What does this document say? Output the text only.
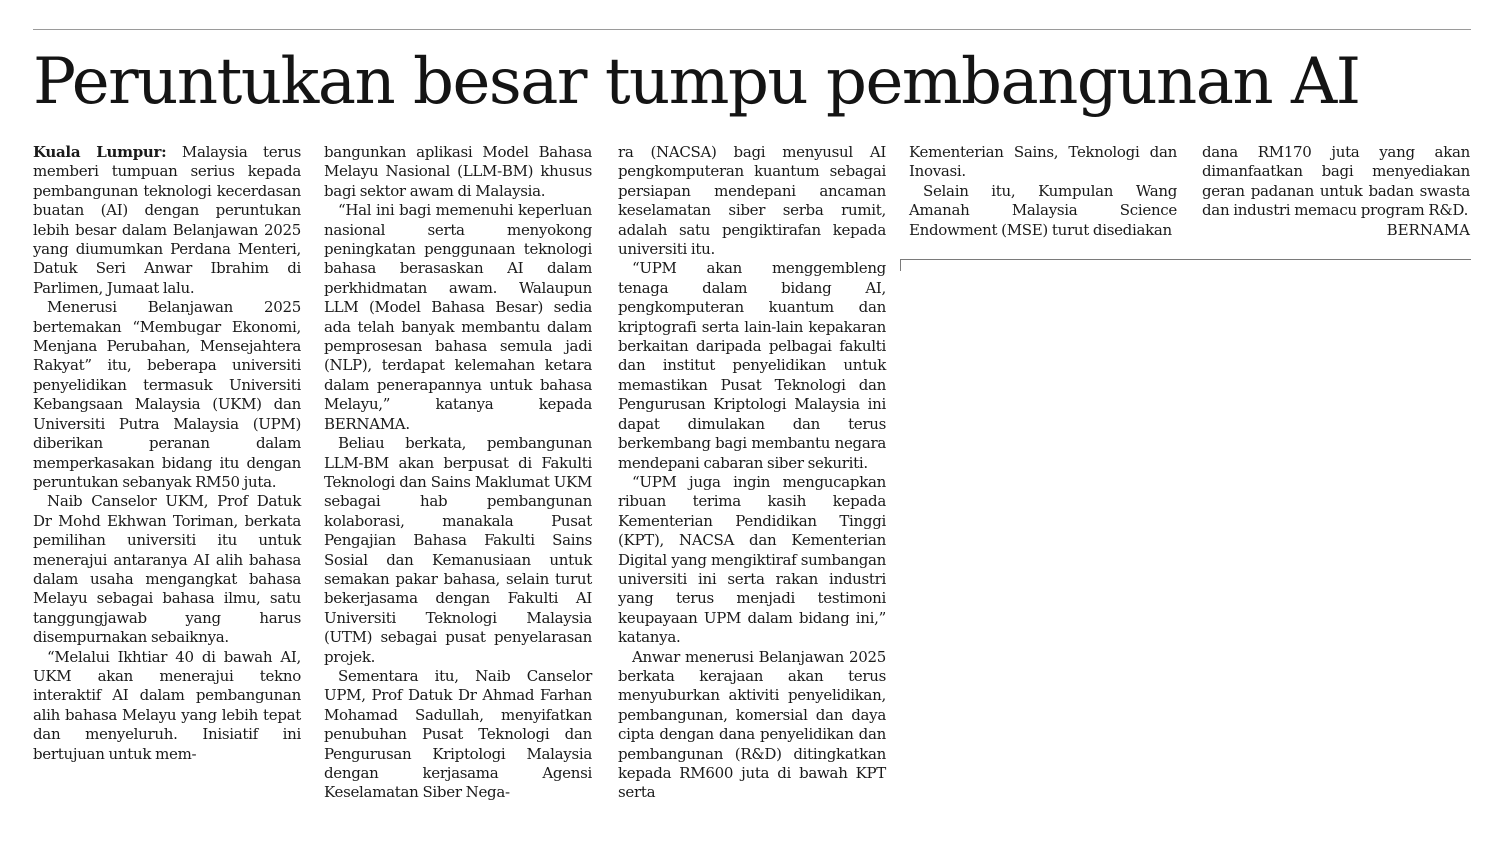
Peruntukan besar tumpu pembangunan AI

Kuala Lumpur: Malaysia terus memberi tumpuan serius kepada pembangunan teknologi kecerdasan buatan (AI) dengan peruntukan lebih besar dalam Belanjawan 2025 yang diumumkan Perdana Menteri, Datuk Seri Anwar Ibrahim di Parlimen, Jumaat lalu.

Menerusi Belanjawan 2025 bertemakan “Membugar Ekonomi, Menjana Perubahan, Mensejahtera Rakyat” itu, beberapa universiti penyelidikan termasuk Universiti Kebangsaan Malaysia (UKM) dan Universiti Putra Malaysia (UPM) diberikan peranan dalam memperkasakan bidang itu dengan peruntukan sebanyak RM50 juta.

Naib Canselor UKM, Prof Datuk Dr Mohd Ekhwan Toriman, berkata pemilihan universiti itu untuk menerajui antaranya AI alih bahasa dalam usaha mengangkat bahasa Melayu sebagai bahasa ilmu, satu tanggungjawab yang harus disempurnakan sebaiknya.

“Melalui Ikhtiar 40 di bawah AI, UKM akan menerajui tekno interaktif AI dalam pembangunan alih bahasa Melayu yang lebih tepat dan menyeluruh. Inisiatif ini bertujuan untuk mem-

bangunkan aplikasi Model Bahasa Melayu Nasional (LLM-BM) khusus bagi sektor awam di Malaysia.

“Hal ini bagi memenuhi keperluan nasional serta menyokong peningkatan penggunaan teknologi bahasa berasaskan AI dalam perkhidmatan awam. Walaupun LLM (Model Bahasa Besar) sedia ada telah banyak membantu dalam pemprosesan bahasa semula jadi (NLP), terdapat kelemahan ketara dalam penerapannya untuk bahasa Melayu,” katanya kepada BERNAMA.

Beliau berkata, pembangunan LLM-BM akan berpusat di Fakulti Teknologi dan Sains Maklumat UKM sebagai hab pembangunan kolaborasi, manakala Pusat Pengajian Bahasa Fakulti Sains Sosial dan Kemanusiaan untuk semakan pakar bahasa, selain turut bekerjasama dengan Fakulti AI Universiti Teknologi Malaysia (UTM) sebagai pusat penyelarasan projek.

Sementara itu, Naib Canselor UPM, Prof Datuk Dr Ahmad Farhan Mohamad Sadullah, menyifatkan penubuhan Pusat Teknologi dan Pengurusan Kriptologi Malaysia dengan kerjasama Agensi Keselamatan Siber Nega-

ra (NACSA) bagi menyusul AI pengkomputeran kuantum sebagai persiapan mendepani ancaman keselamatan siber serba rumit, adalah satu pengiktirafan kepada universiti itu.

“UPM akan menggembleng tenaga dalam bidang AI, pengkomputeran kuantum dan kriptografi serta lain-lain kepakaran berkaitan daripada pelbagai fakulti dan institut penyelidikan untuk memastikan Pusat Teknologi dan Pengurusan Kriptologi Malaysia ini dapat dimulakan dan terus berkembang bagi membantu negara mendepani cabaran siber sekuriti.

“UPM juga ingin mengucapkan ribuan terima kasih kepada Kementerian Pendidikan Tinggi (KPT), NACSA dan Kementerian Digital yang mengiktiraf sumbangan universiti ini serta rakan industri yang terus menjadi testimoni keupayaan UPM dalam bidang ini,” katanya.

Anwar menerusi Belanjawan 2025 berkata kerajaan akan terus menyuburkan aktiviti penyelidikan, pembangunan, komersial dan daya cipta dengan dana penyelidikan dan pembangunan (R&D) ditingkatkan kepada RM600 juta di bawah KPT serta

Kementerian Sains, Teknologi dan Inovasi.

Selain itu, Kumpulan Wang Amanah Malaysia Science Endowment (MSE) turut disediakan

dana RM170 juta yang akan dimanfaatkan bagi menyediakan geran padanan untuk badan swasta dan industri memacu program R&D.
BERNAMA
